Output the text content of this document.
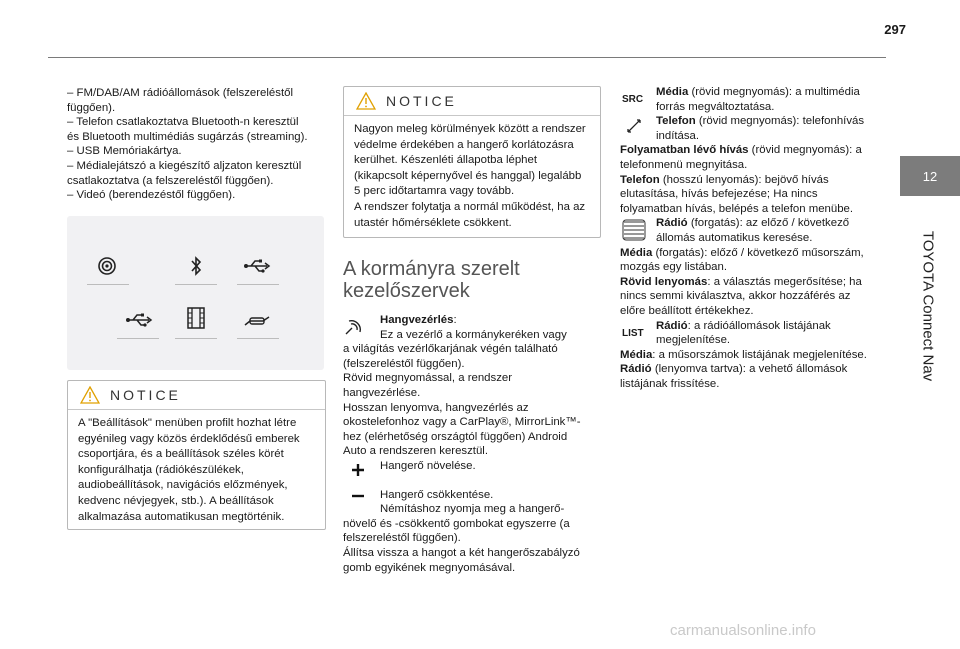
297
12
TOYOTA Connect Nav

– FM/DAB/AM rádióállomások (felszereléstől

függően).

– Telefon csatlakoztatva Bluetooth-n keresztül

és Bluetooth multimédiás sugárzás (streaming).

– USB Memóriakártya.

– Médialejátszó a kiegészítő aljzaton keresztül

csatlakoztatva (a felszereléstől függően).

– Videó (berendezéstől függően).

NOTICE
A "Beállítások" menüben profilt hozhat létre
egyénileg vagy közös érdeklődésű emberek
csoportjára, és a beállítások széles körét
konfigurálhatja (rádiókészülékek,
audiobeállítások, navigációs előzmények,
kedvenc névjegyek, stb.). A beállítások
alkalmazása automatikusan megtörténik.
NOTICE
Nagyon meleg körülmények között a rendszer
védelme érdekében a hangerő korlátozásra
kerülhet. Készenléti állapotba léphet
(kikapcsolt képernyővel és hanggal) legalább
5 perc időtartamra vagy tovább.
A rendszer folytatja a normál működést, ha az
utastér hőmérséklete csökkent.
A kormányra szerelt
kezelőszervek
Hangvezérlés:
Ez a vezérlő a kormánykeréken vagy
a világítás vezérlőkarjának végén található
(felszereléstől függően).
Rövid megnyomással, a rendszer
hangvezérlése.
Hosszan lenyomva, hangvezérlés az
okostelefonhoz vagy a CarPlay®, MirrorLink™-
hez (elérhetőség országtól függően) Android
Auto a rendszeren keresztül.
Hangerő növelése.
Hangerő csökkentése.
Némításhoz nyomja meg a hangerő-
növelő és -csökkentő gombokat egyszerre (a
felszereléstől függően).
Állítsa vissza a hangot a két hangerőszabályzó
gomb egyikének megnyomásával.
SRC
Média (rövid megnyomás): a multimédia
forrás megváltoztatása.
Telefon (rövid megnyomás): telefonhívás
indítása.
Folyamatban lévő hívás (rövid megnyomás): a
telefonmenü megnyitása.
Telefon (hosszú lenyomás): bejövő hívás
elutasítása, hívás befejezése; Ha nincs
folyamatban hívás, belépés a telefon menübe.
Rádió (forgatás): az előző / következő
állomás automatikus keresése.
Média (forgatás): előző / következő műsorszám,
mozgás egy listában.
Rövid lenyomás: a választás megerősítése; ha
nincs semmi kiválasztva, akkor hozzáférés az
előre beállított értékekhez.
LIST
Rádió: a rádióállomások listájának
megjelenítése.
Média: a műsorszámok listájának megjelenítése.
Rádió (lenyomva tartva): a vehető állomások
listájának frissítése.
carmanualsonline.info
